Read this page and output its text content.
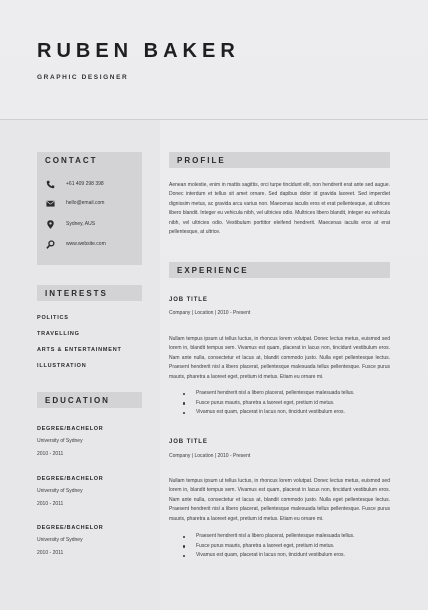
RUBEN BAKER
GRAPHIC DESIGNER
CONTACT
+61 409 298 398
hello@email.com
Sydney, AUS
www.website.com
INTERESTS
POLITICS
TRAVELLING
ARTS & ENTERTAINMENT
ILLUSTRATION
EDUCATION
DEGREE/BACHELOR
University of Sydney
2010 - 2011
DEGREE/BACHELOR
University of Sydney
2010 - 2011
DEGREE/BACHELOR
University of Sydney
2010 - 2011
PROFILE
Aenean molestie, enim in mattis sagittis, orci turpe tincidunt elit, non hendrerit erat ante sed augue. Donec interdum et tellus sit amet ornare. Sed dapibus dolor id gravida laoreet. Sed imperdiet dignissim metus, ac gravida arcu varius non. Maecenas iaculis eros et erat pellentesque, at ultrices libero blandit. Integer eu vehicula nibh, vel ultricies odio. Multrices libero blandit, integer eu vehicula nibh, vel ultricies odio. Vestibulum porttitor eleifend hendrerit. Maecenas iaculis eros at erat pellentesque, at ultrice.
EXPERIENCE
JOB TITLE
Company | Location | 2010 - Present
Nullam tempus ipsum ut tellus luctus, in rhoncus lorem volutpat. Donec lectus metus, euismod sed lorem in, blandit tempus sem. Vivamus est quam, placerat in lacus non, tincidunt vestibulum eros. Nam ante nulla, consectetur et lacus at, blandit commodo justo. Nulla eget pellentesque lectus. Praesent hendrerit nisl a libero placerat, pellentesque malesuada tellus pellentesque. Fusce purus mauris, pharetra a laoreet eget, pretium id metus. Etiam eu ornare mi.
Praesent hendrerit nisl a libero placerat, pellentesque malesuada tellus.
Fusce purus mauris, pharetra a laoreet eget, pretium id metus.
Vivamus est quam, placerat in lacus non, tincidunt vestibulum eros.
JOB TITLE
Company | Location | 2010 - Present
Nullam tempus ipsum ut tellus luctus, in rhoncus lorem volutpat. Donec lectus metus, euismod sed lorem in, blandit tempus sem. Vivamus est quam, placerat in lacus non, tincidunt vestibulum eros. Nam ante nulla, consectetur et lacus at, blandit commodo justo. Nulla eget pellentesque lectus. Praesent hendrerit nisl a libero placerat, pellentesque malesuada tellus pellentesque. Fusce purus mauris, pharetra a laoreet eget, pretium id metus. Etiam eu ornare mi.
Praesent hendrerit nisl a libero placerat, pellentesque malesuada tellus.
Fusce purus mauris, pharetra a laoreet eget, pretium id metus.
Vivamus est quam, placerat in lacus non, tincidunt vestibulum eros.
